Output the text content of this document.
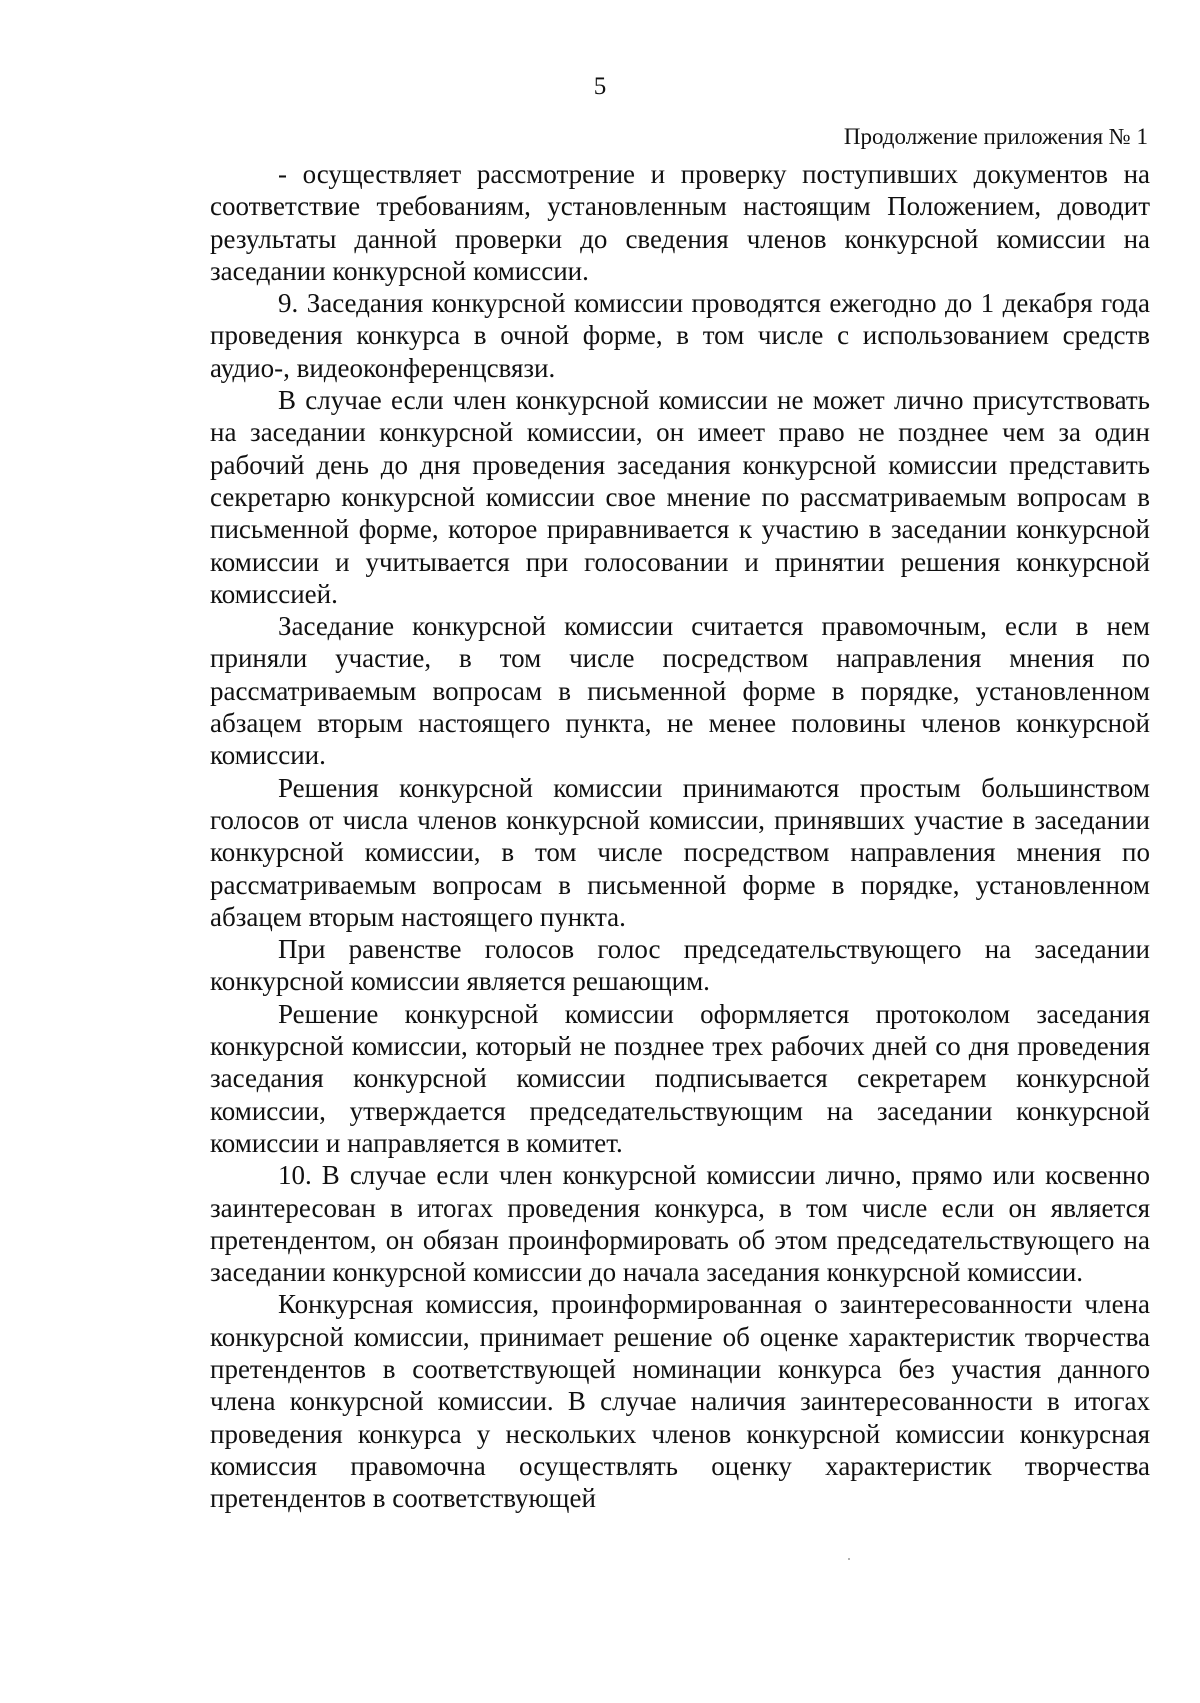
5
Продолжение приложения № 1

- осуществляет рассмотрение и проверку поступивших документов на соответствие требованиям, установленным настоящим Положением, доводит результаты данной проверки до сведения членов конкурсной комиссии на заседании конкурсной комиссии.

9. Заседания конкурсной комиссии проводятся ежегодно до 1 декабря года проведения конкурса в очной форме, в том числе с использованием средств аудио-, видеоконференцсвязи.

В случае если член конкурсной комиссии не может лично присутствовать на заседании конкурсной комиссии, он имеет право не позднее чем за один рабочий день до дня проведения заседания конкурсной комиссии представить секретарю конкурсной комиссии свое мнение по рассматриваемым вопросам в письменной форме, которое приравнивается к участию в заседании конкурсной комиссии и учитывается при голосовании и принятии решения конкурсной комиссией.

Заседание конкурсной комиссии считается правомочным, если в нем приняли участие, в том числе посредством направления мнения по рассматриваемым вопросам в письменной форме в порядке, установленном абзацем вторым настоящего пункта, не менее половины членов конкурсной комиссии.

Решения конкурсной комиссии принимаются простым большинством голосов от числа членов конкурсной комиссии, принявших участие в заседании конкурсной комиссии, в том числе посредством направления мнения по рассматриваемым вопросам в письменной форме в порядке, установленном абзацем вторым настоящего пункта.

При равенстве голосов голос председательствующего на заседании конкурсной комиссии является решающим.

Решение конкурсной комиссии оформляется протоколом заседания конкурсной комиссии, который не позднее трех рабочих дней со дня проведения заседания конкурсной комиссии подписывается секретарем конкурсной комиссии, утверждается председательствующим на заседании конкурсной комиссии и направляется в комитет.

10. В случае если член конкурсной комиссии лично, прямо или косвенно заинтересован в итогах проведения конкурса, в том числе если он является претендентом, он обязан проинформировать об этом председательствующего на заседании конкурсной комиссии до начала заседания конкурсной комиссии.

Конкурсная комиссия, проинформированная о заинтересованности члена конкурсной комиссии, принимает решение об оценке характеристик творчества претендентов в соответствующей номинации конкурса без участия данного члена конкурсной комиссии. В случае наличия заинтересованности в итогах проведения конкурса у нескольких членов конкурсной комиссии конкурсная комиссия правомочна осуществлять оценку характеристик творчества претендентов в соответствующей
